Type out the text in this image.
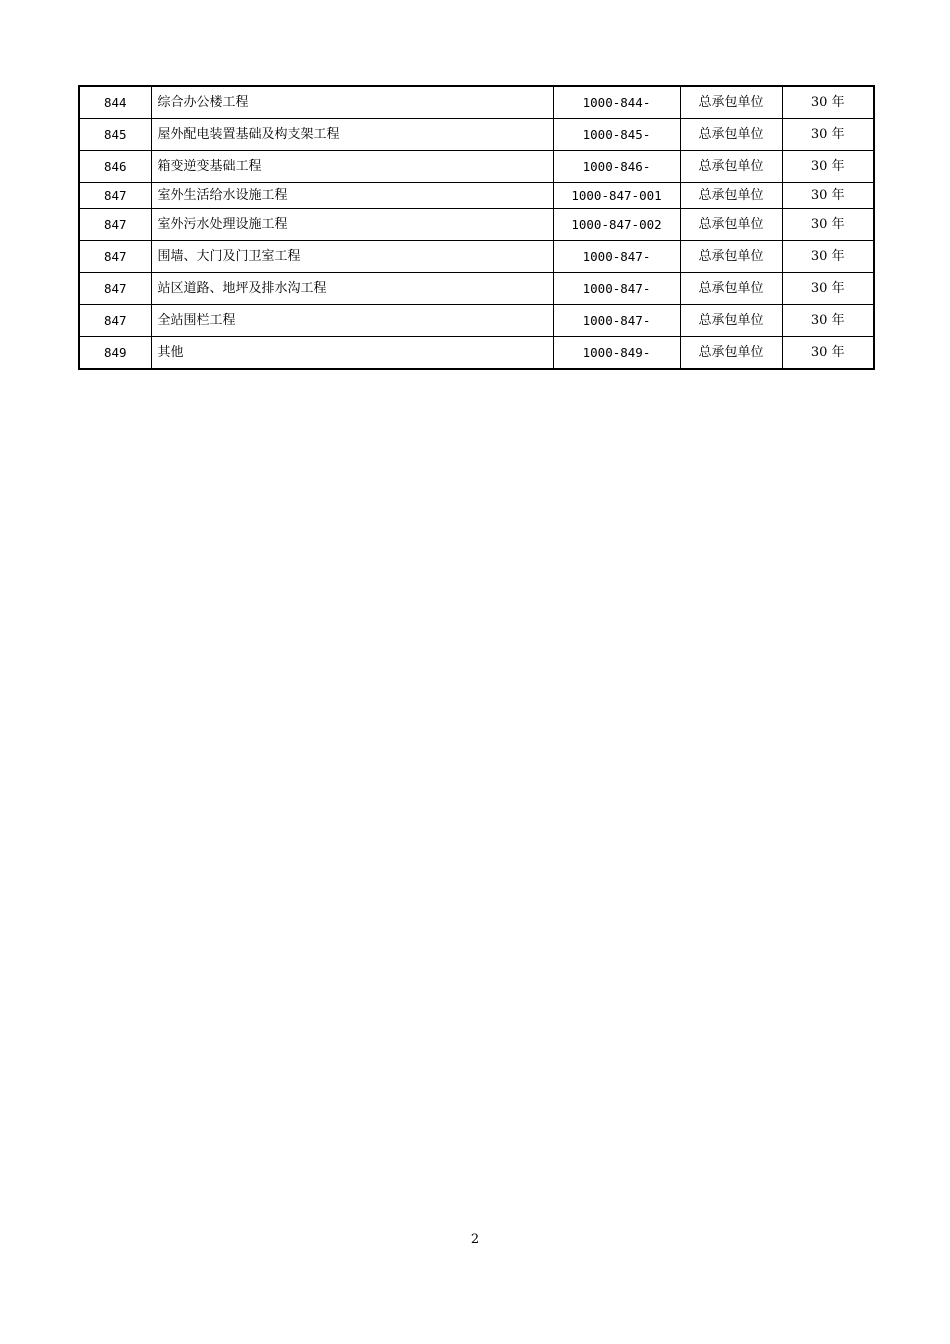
844	综合办公楼工程	1000-844-	总承包单位	30 年
845	屋外配电装置基础及构支架工程	1000-845-	总承包单位	30 年
846	箱变逆变基础工程	1000-846-	总承包单位	30 年
847	室外生活给水设施工程	1000-847-001	总承包单位	30 年
847	室外污水处理设施工程	1000-847-002	总承包单位	30 年
847	围墙、大门及门卫室工程	1000-847-	总承包单位	30 年
847	站区道路、地坪及排水沟工程	1000-847-	总承包单位	30 年
847	全站围栏工程	1000-847-	总承包单位	30 年
849	其他	1000-849-	总承包单位	30 年
2
